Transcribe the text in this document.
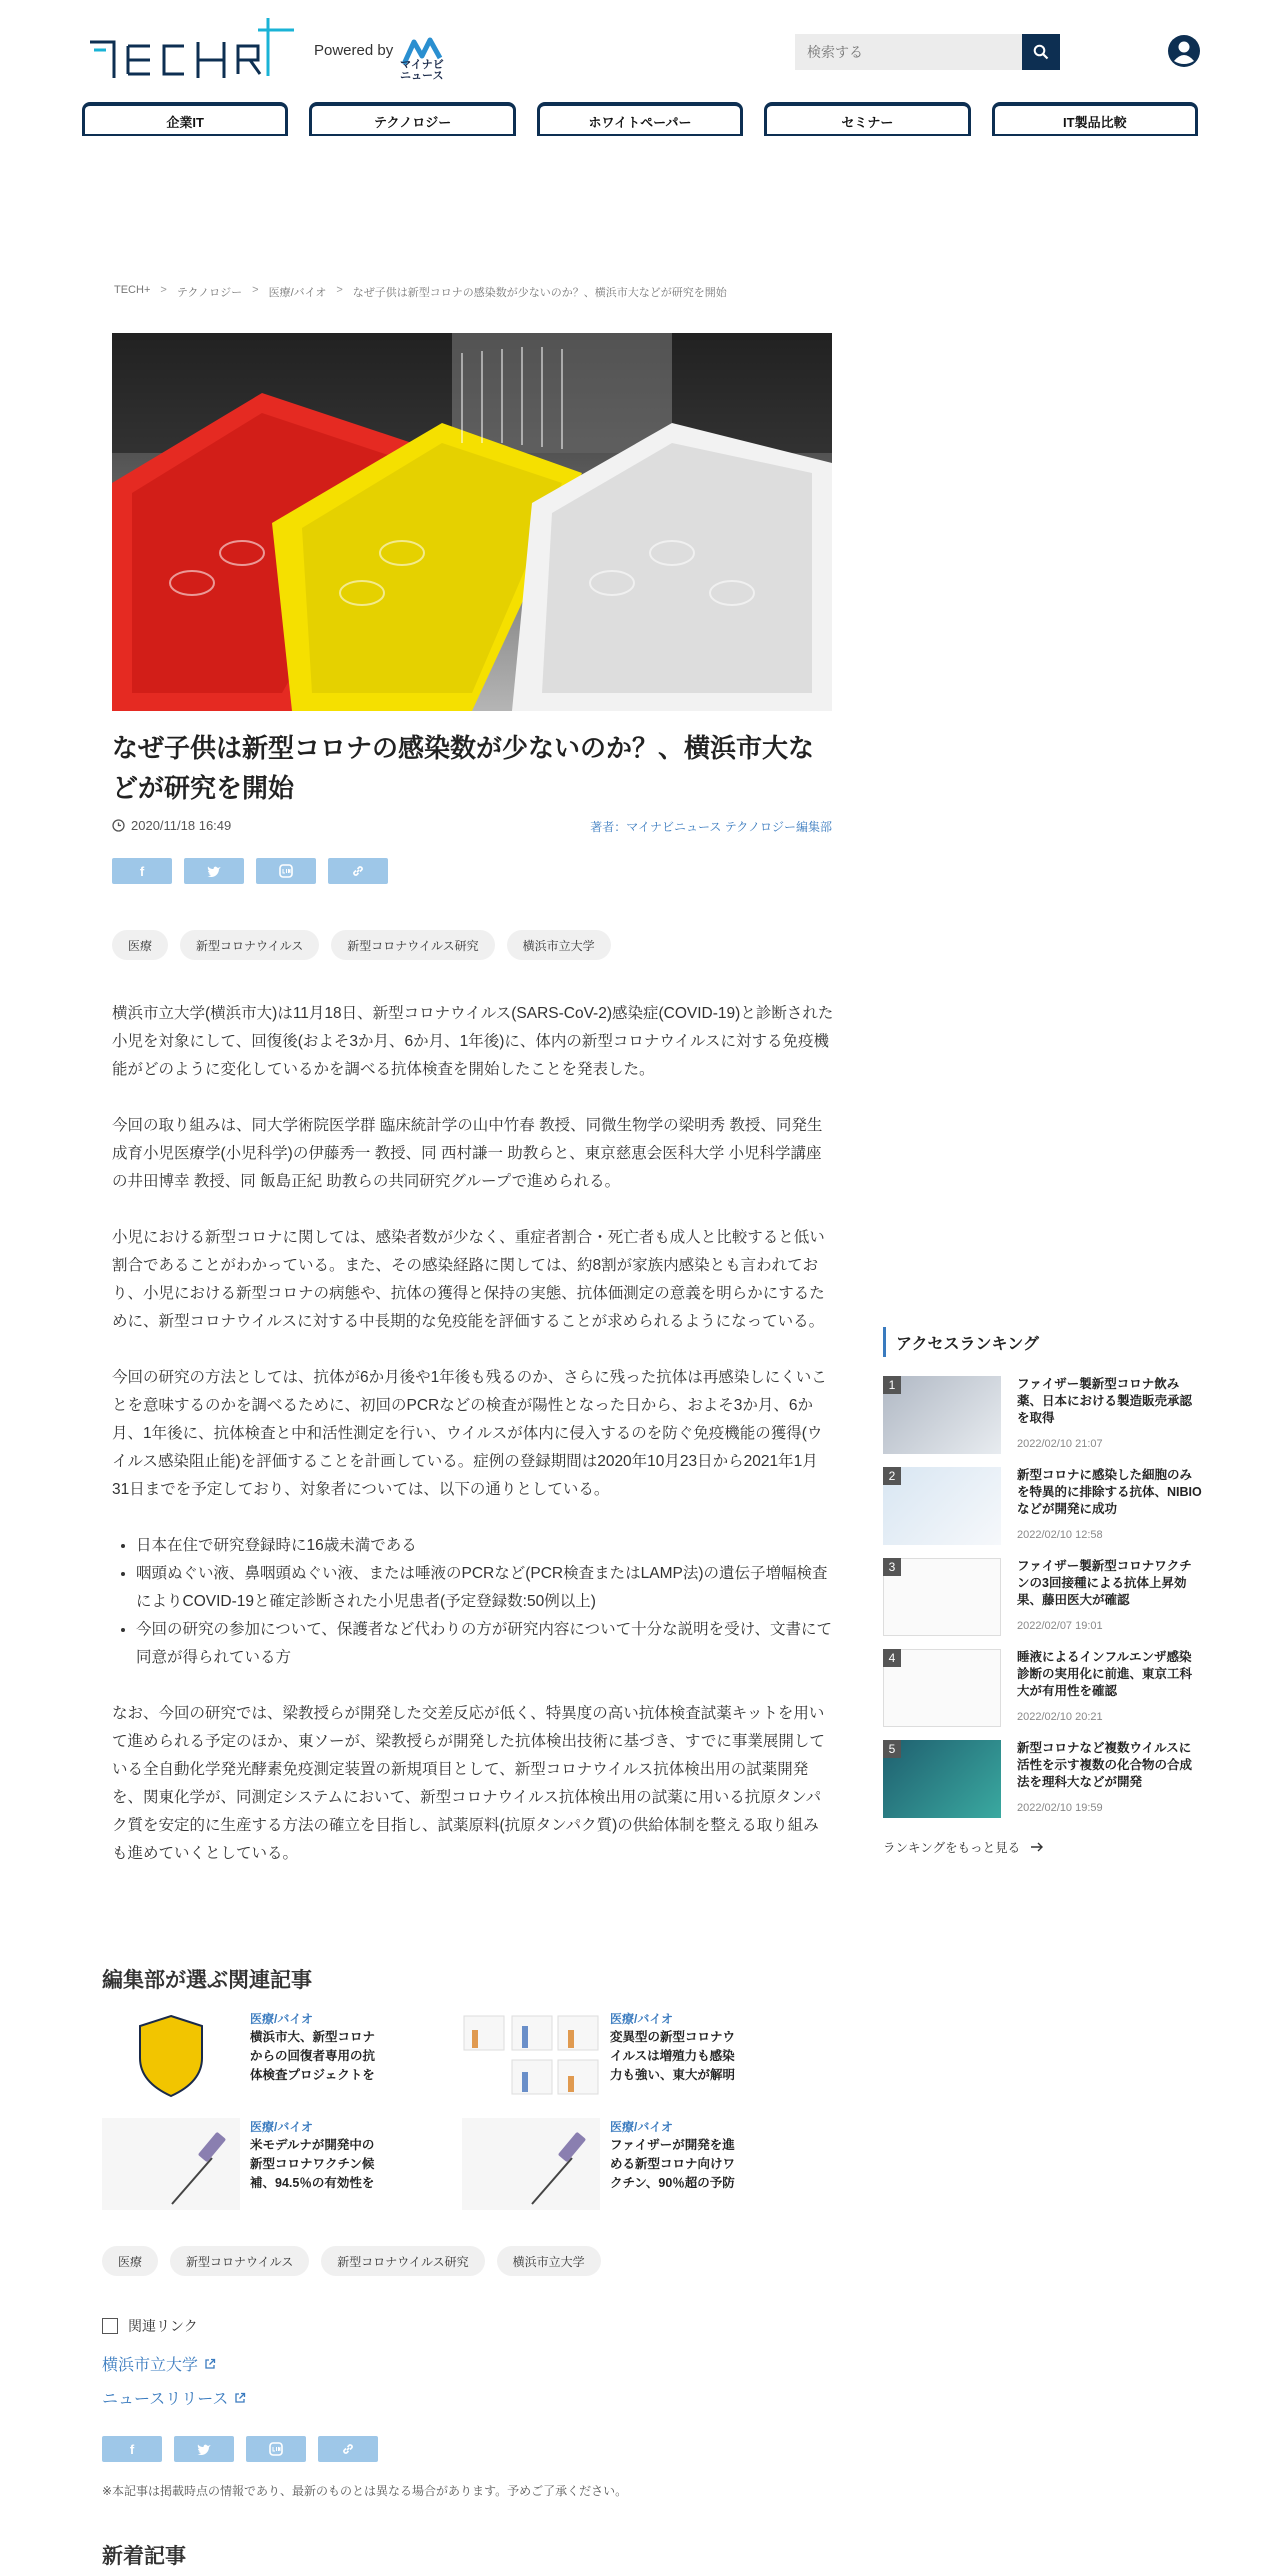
Powered by
マイナビ ニュース
検索する
企業IT	テクノロジー	ホワイトペーパー	セミナー	IT製品比較
TECH+ > テクノロジー > 医療/バイオ > なぜ子供は新型コロナの感染数が少ないのか？、横浜市大などが研究を開始
なぜ子供は新型コロナの感染数が少ないのか？、横浜市大などが研究を開始
2020/11/18 16:49	著者：マイナビニュース テクノロジー編集部
f
医療	新型コロナウイルス	新型コロナウイルス研究	横浜市立大学

横浜市立大学(横浜市大)は11月18日、新型コロナウイルス(SARS-CoV-2)感染症(COVID-19)と診断された小児を対象にして、回復後(およそ3か月、6か月、1年後)に、体内の新型コロナウイルスに対する免疫機能がどのように変化しているかを調べる抗体検査を開始したことを発表した。

今回の取り組みは、同大学術院医学群 臨床統計学の山中竹春 教授、同微生物学の梁明秀 教授、同発生成育小児医療学(小児科学)の伊藤秀一 教授、同 西村謙一 助教らと、東京慈恵会医科大学 小児科学講座の井田博幸 教授、同 飯島正紀 助教らの共同研究グループで進められる。

小児における新型コロナに関しては、感染者数が少なく、重症者割合・死亡者も成人と比較すると低い割合であることがわかっている。また、その感染経路に関しては、約8割が家族内感染とも言われており、小児における新型コロナの病態や、抗体の獲得と保持の実態、抗体価測定の意義を明らかにするために、新型コロナウイルスに対する中長期的な免疫能を評価することが求められるようになっている。

今回の研究の方法としては、抗体が6か月後や1年後も残るのか、さらに残った抗体は再感染しにくいことを意味するのかを調べるために、初回のPCRなどの検査が陽性となった日から、およそ3か月、6か月、1年後に、抗体検査と中和活性測定を行い、ウイルスが体内に侵入するのを防ぐ免疫機能の獲得(ウイルス感染阻止能)を評価することを計画している。症例の登録期間は2020年10月23日から2021年1月31日までを予定しており、対象者については、以下の通りとしている。

• 日本在住で研究登録時に16歳未満である
• 咽頭ぬぐい液、鼻咽頭ぬぐい液、または唾液のPCRなど(PCR検査またはLAMP法)の遺伝子増幅検査によりCOVID-19と確定診断された小児患者(予定登録数:50例以上)
• 今回の研究の参加について、保護者など代わりの方が研究内容について十分な説明を受け、文書にて同意が得られている方

なお、今回の研究では、梁教授らが開発した交差反応が低く、特異度の高い抗体検査試薬キットを用いて進められる予定のほか、東ソーが、梁教授らが開発した抗体検出技術に基づき、すでに事業展開している全自動化学発光酵素免疫測定装置の新規項目として、新型コロナウイルス抗体検出用の試薬開発を、関東化学が、同測定システムにおいて、新型コロナウイルス抗体検出用の試薬に用いる抗原タンパク質を安定的に生産する方法の確立を目指し、試薬原料(抗原タンパク質)の供給体制を整える取り組みも進めていくとしている。

編集部が選ぶ関連記事
医療/バイオ
横浜市大、新型コロナからの回復者専用の抗体検査プロジェクトを
医療/バイオ
変異型の新型コロナウイルスは増殖力も感染力も強い、東大が解明
医療/バイオ
米モデルナが開発中の新型コロナワクチン候補、94.5％の有効性を
医療/バイオ
ファイザーが開発を進める新型コロナ向けワクチン、90％超の予防
医療	新型コロナウイルス	新型コロナウイルス研究	横浜市立大学
関連リンク
横浜市立大学
ニュースリリース
f
※本記事は掲載時点の情報であり、最新のものとは異なる場合があります。予めご了承ください。
新着記事
アクセスランキング
1	ファイザー製新型コロナ飲み薬、日本における製造販売承認を取得
2022/02/10 21:07
2	新型コロナに感染した細胞のみを特異的に排除する抗体、NIBIOなどが開発に成功
2022/02/10 12:58
3	ファイザー製新型コロナワクチンの3回接種による抗体上昇効果、藤田医大が確認
2022/02/07 19:01
4	睡液によるインフルエンザ感染診断の実用化に前進、東京工科大が有用性を確認
2022/02/10 20:21
5	新型コロナなど複数ウイルスに活性を示す複数の化合物の合成法を理科大などが開発
2022/02/10 19:59
ランキングをもっと見る
